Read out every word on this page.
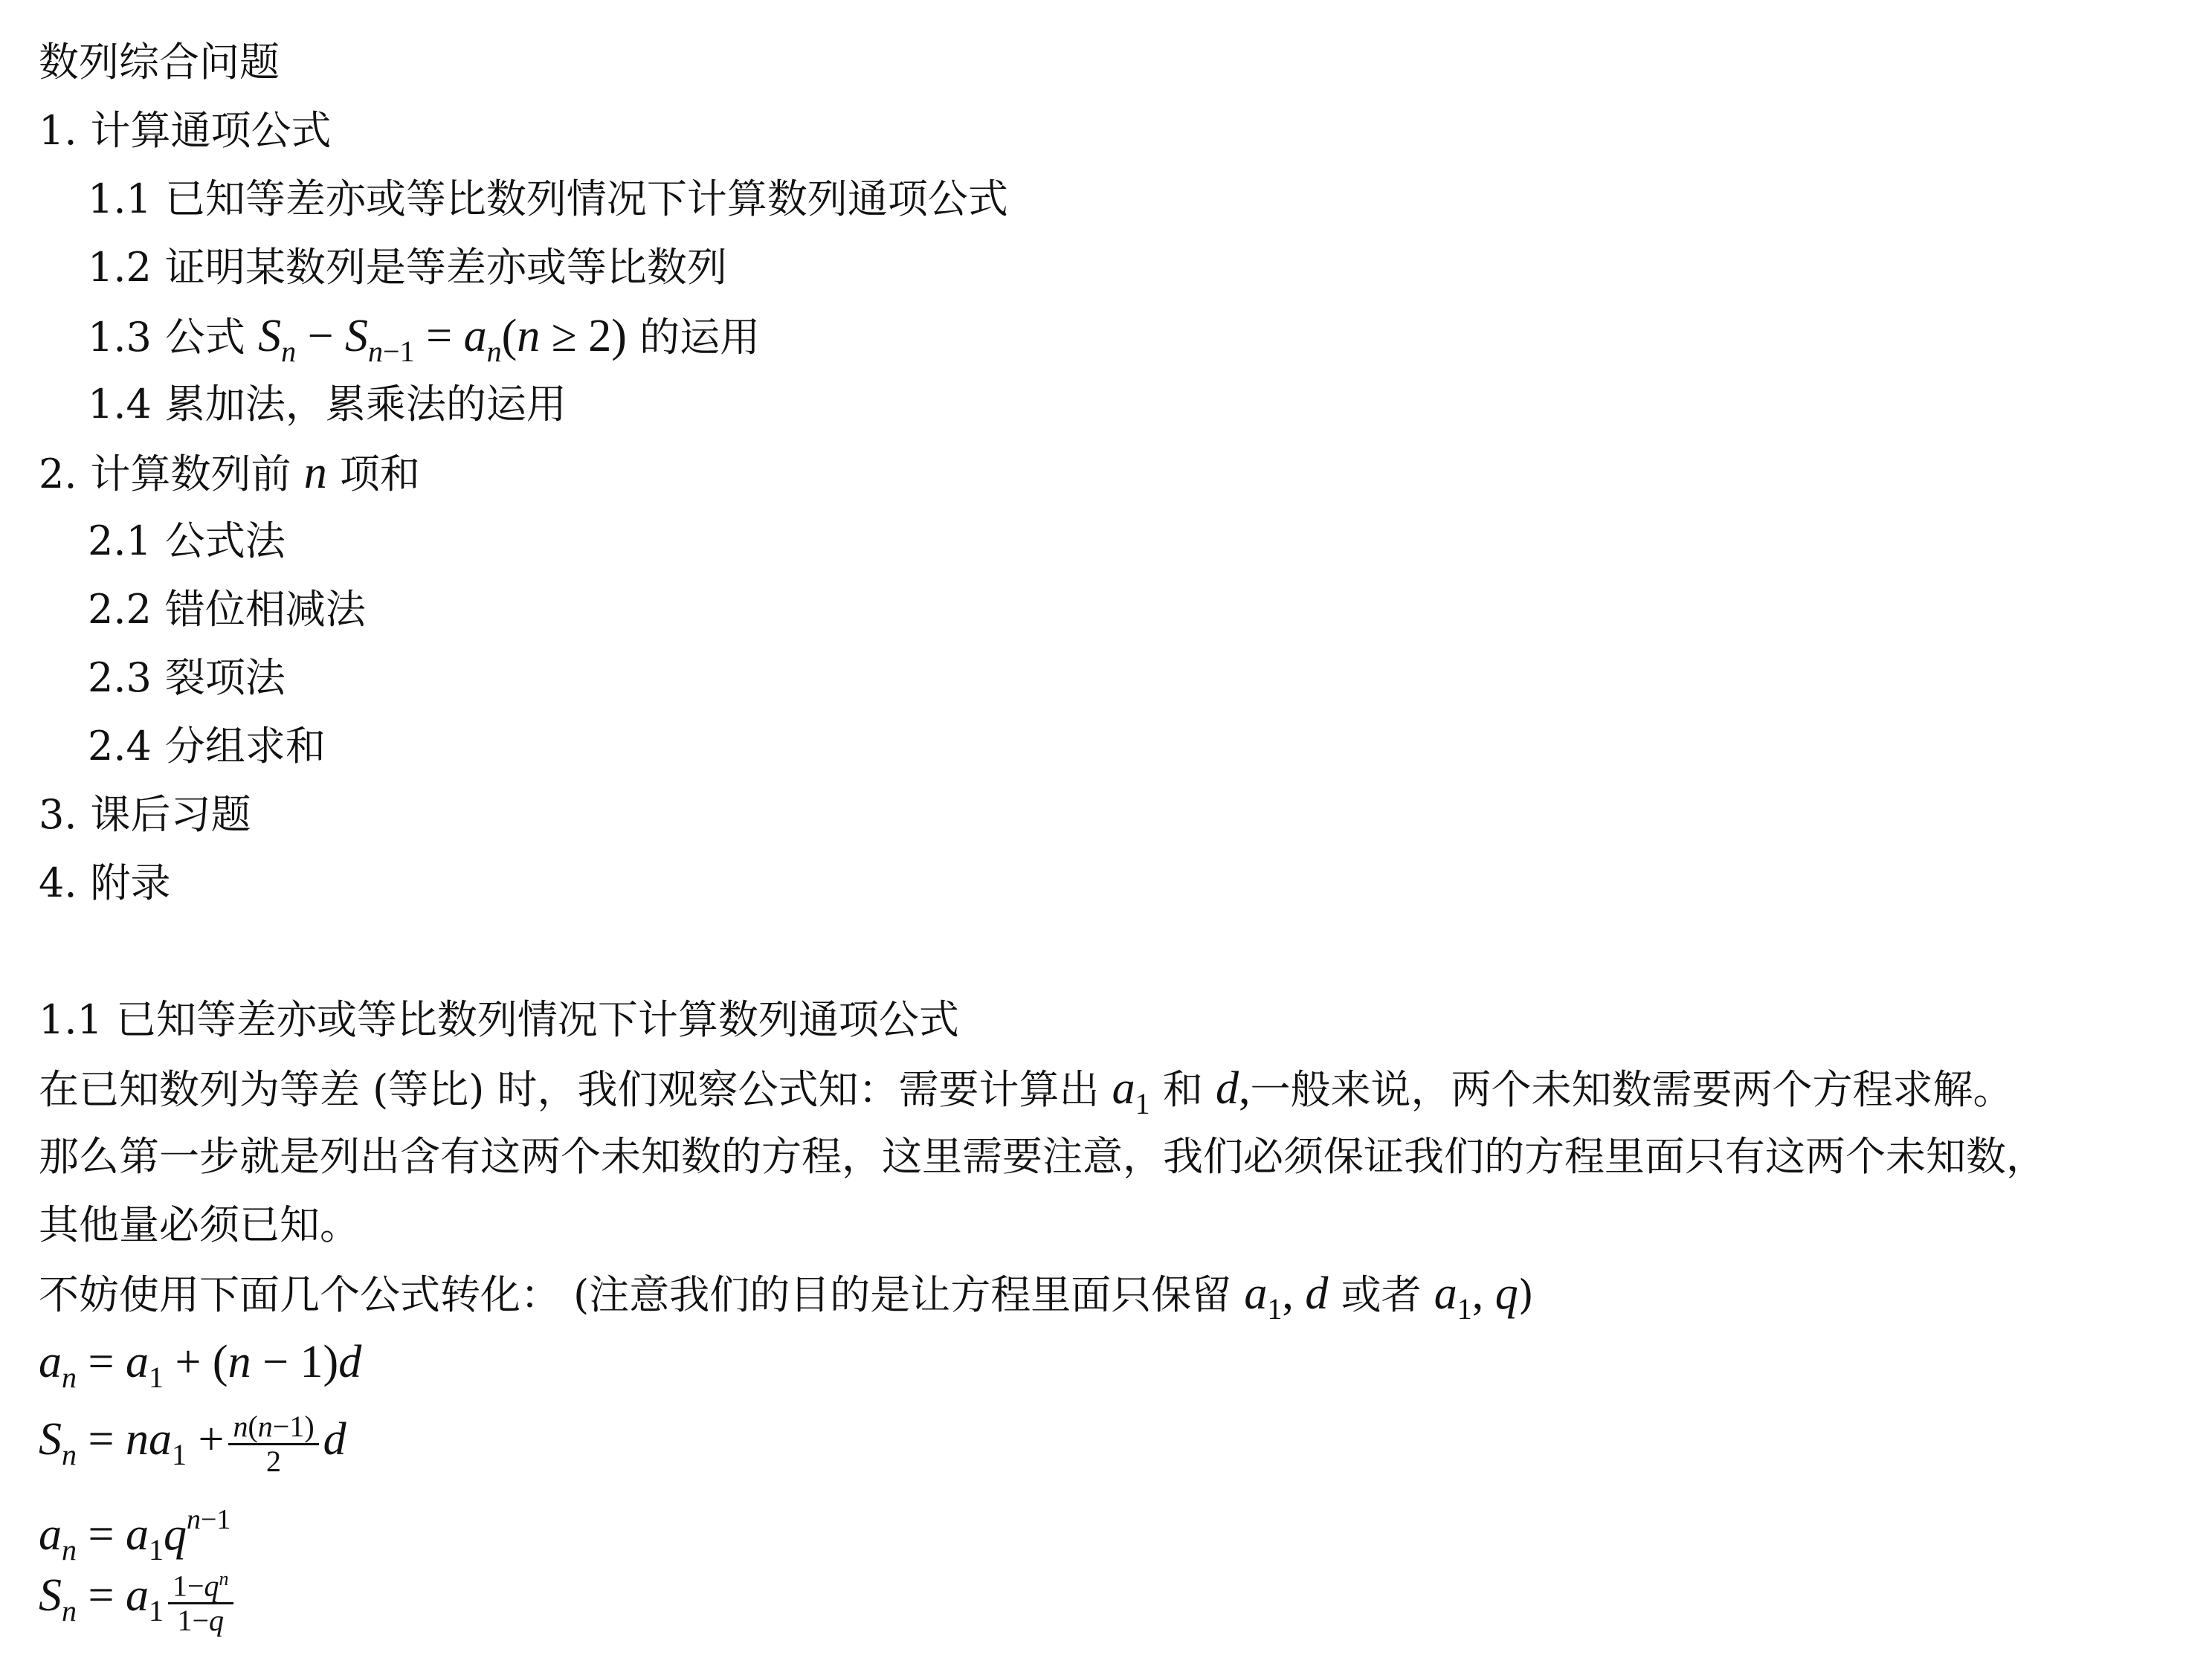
数列综合问题
1. 计算通项公式
1.1 已知等差亦或等比数列情况下计算数列通项公式
1.2 证明某数列是等差亦或等比数列
1.3 公式 $S_n - S_{n-1} = a_n(n \ge 2)$ 的运用
1.4 累加法，累乘法的运用
2. 计算数列前 n 项和
2.1 公式法
2.2 错位相减法
2.3 裂项法
2.4 分组求和
3. 课后习题
4. 附录
1.1 已知等差亦或等比数列情况下计算数列通项公式
在已知数列为等差 (等比) 时，我们观察公式知：需要计算出 $a_1$ 和 d,一般来说，两个未知数需要两个方程求解。
那么第一步就是列出含有这两个未知数的方程，这里需要注意，我们必须保证我们的方程里面只有这两个未知数，
其他量必须已知。
不妨使用下面几个公式转化： (注意我们的目的是让方程里面只保留 $a_1$, d 或者 $a_1$, q)
$a_n = a_1 + (n - 1)d$
$S_n = na_1 + \frac{n(n-1)}{2}$ d
$a_n = a_1q^{n-1}$
$S_n = a_1 \frac{1-q^n}{1-q}$
